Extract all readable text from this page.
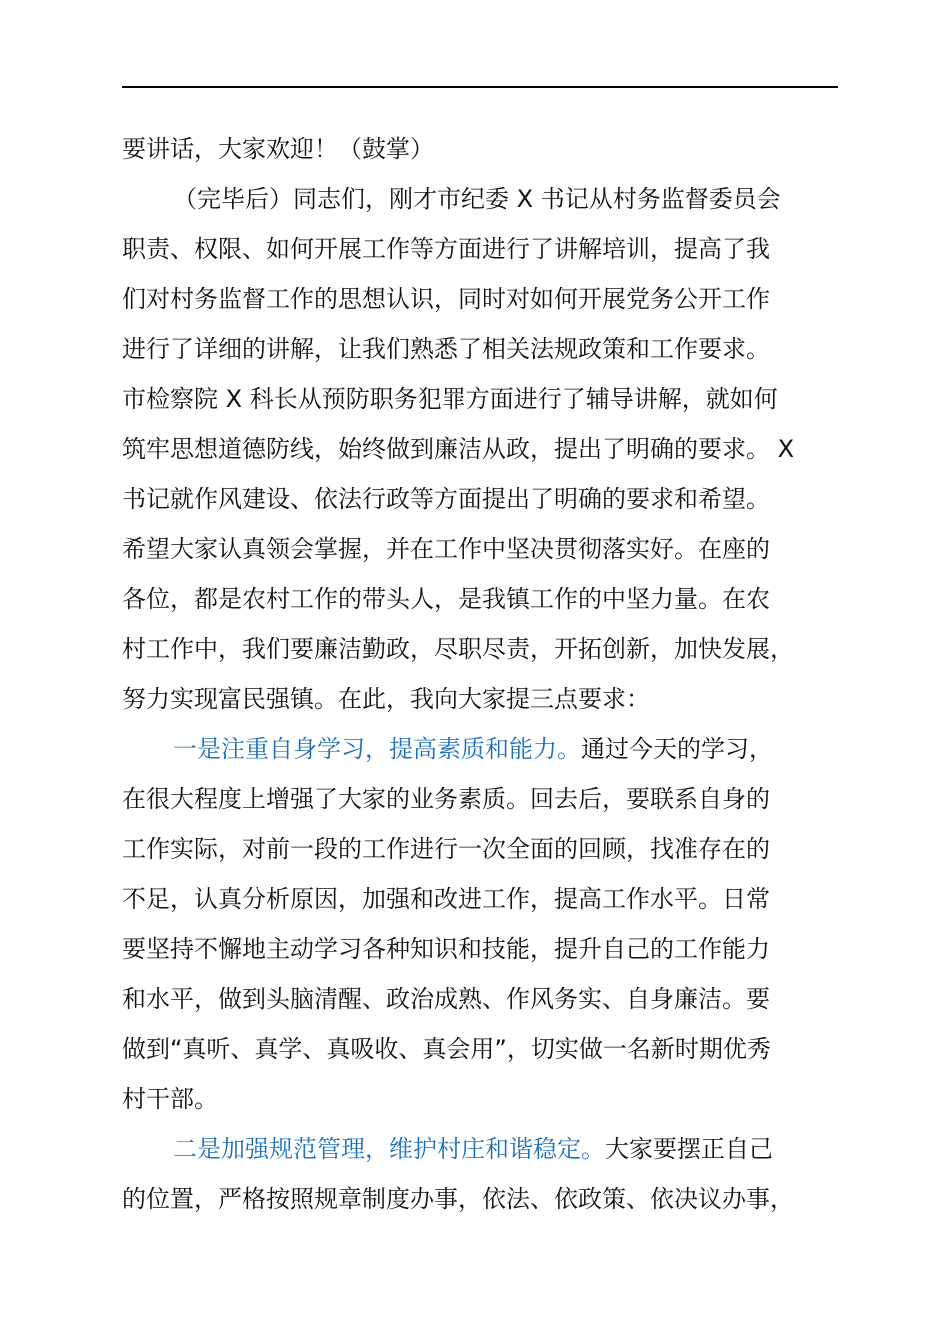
要讲话，大家欢迎！（鼓掌）
（完毕后）同志们，刚才市纪委 X 书记从村务监督委员会
职责、权限、如何开展工作等方面进行了讲解培训，提高了我
们对村务监督工作的思想认识，同时对如何开展党务公开工作
进行了详细的讲解，让我们熟悉了相关法规政策和工作要求。
市检察院 X 科长从预防职务犯罪方面进行了辅导讲解，就如何
筑牢思想道德防线，始终做到廉洁从政，提出了明确的要求。 X
书记就作风建设、依法行政等方面提出了明确的要求和希望。
希望大家认真领会掌握，并在工作中坚决贯彻落实好。在座的
各位，都是农村工作的带头人，是我镇工作的中坚力量。在农
村工作中，我们要廉洁勤政，尽职尽责，开拓创新，加快发展，
努力实现富民强镇。在此，我向大家提三点要求：
一是注重自身学习，提高素质和能力。通过今天的学习，
在很大程度上增强了大家的业务素质。回去后，要联系自身的
工作实际，对前一段的工作进行一次全面的回顾，找准存在的
不足，认真分析原因，加强和改进工作，提高工作水平。日常
要坚持不懈地主动学习各种知识和技能，提升自己的工作能力
和水平，做到头脑清醒、政治成熟、作风务实、自身廉洁。要
做到“真听、真学、真吸收、真会用”，切实做一名新时期优秀
村干部。
二是加强规范管理，维护村庄和谐稳定。大家要摆正自己
的位置，严格按照规章制度办事，依法、依政策、依决议办事，
